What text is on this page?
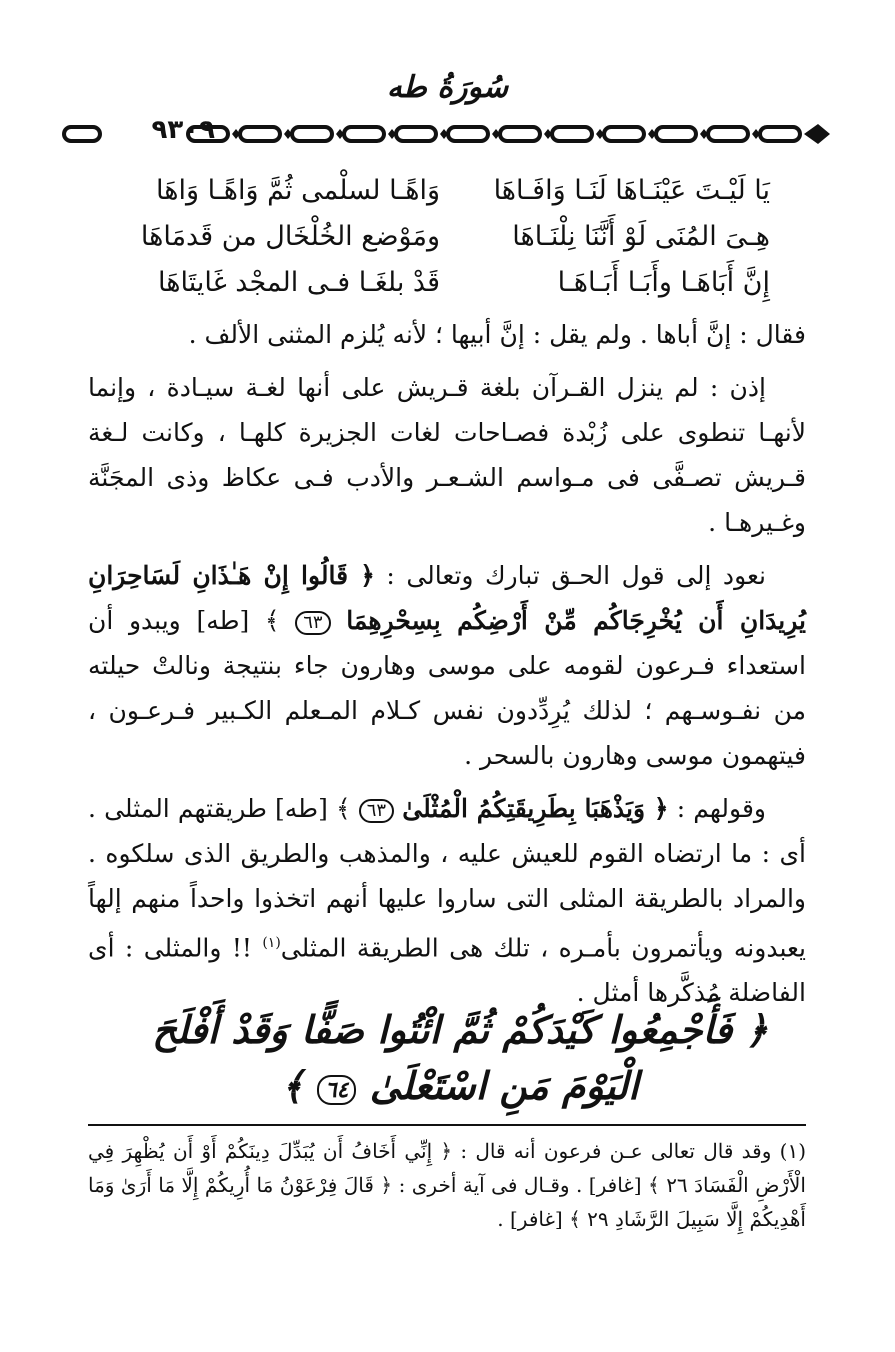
سُورَةُ طه
٩٣٠٩
يَا لَيْـتَ عَيْنَـاهَا لَنَـا وَافَـاهَا
وَاهًـا لسلْمى ثُمَّ وَاهًـا وَاهَا
هِـىَ المُنَى لَوْ أَنَّنَا نِلْنَـاهَا
ومَوْضع الخُلْخَال من قَدمَاهَا
إِنَّ أَبَاهَـا وأَبَـا أَبَـاهَـا
قَدْ بلغَـا فـى المجْد غَايتَاهَا

فقال : إنَّ أباها . ولم يقل : إنَّ أبيها ؛ لأنه يُلزم المثنى الألف .

إذن : لم ينزل القـرآن بلغة قـريش على أنها لغـة سيـادة ، وإنما لأنهـا تنطوى على زُبْدة فصـاحات لغات الجزيرة كلهـا ، وكانت لـغة قـريش تصـفَّى فى مـواسم الشـعـر والأدب فـى عكاظ وذى المجَنَّة وغـيرهـا .

نعود إلى قول الحـق تبارك وتعالى : ﴿ قَالُوا إِنْ هَـٰذَانِ لَسَاحِرَانِ يُرِيدَانِ أَن يُخْرِجَاكُم مِّنْ أَرْضِكُم بِسِحْرِهِمَا ٦٣ ﴾ [طه] ويبدو أن استعداء فـرعون لقومه على موسى وهارون جاء بنتيجة ونالتْ حيلته من نفـوسـهم ؛ لذلك يُرِدِّدون نفس كـلام المـعلم الكـبير فـرعـون ، فيتهمون موسى وهارون بالسحر .

وقولهم : ﴿ وَيَذْهَبَا بِطَرِيقَتِكُمُ الْمُثْلَىٰ ٦٣ ﴾ [طه] طريقتهم المثلى . أى : ما ارتضاه القوم للعيش عليه ، والمذهب والطريق الذى سلكوه . والمراد بالطريقة المثلى التى ساروا عليها أنهم اتخذوا واحداً منهم إلهاً يعبدونه ويأتمرون بأمـره ، تلك هى الطريقة المثلى$^{(١)}$ !! والمثلى : أى الفاضلة مُذكَّرها أمثل .

﴿ فَأَجْمِعُوا كَيْدَكُمْ ثُمَّ ائْتُوا صَفًّا وَقَدْ أَفْلَحَ
الْيَوْمَ مَنِ اسْتَعْلَىٰ ٦٤ ﴾
(١) وقد قال تعالى عـن فرعون أنه قال : ﴿ إِنِّي أَخَافُ أَن يُبَدِّلَ دِينَكُمْ أَوْ أَن يُظْهِرَ فِي الْأَرْضِ الْفَسَادَ ٢٦ ﴾ [غافر] . وقـال فى آية أخرى : ﴿ قَالَ فِرْعَوْنُ مَا أُرِيكُمْ إِلَّا مَا أَرَىٰ وَمَا أَهْدِيكُمْ إِلَّا سَبِيلَ الرَّشَادِ ٢٩ ﴾ [غافر] .
